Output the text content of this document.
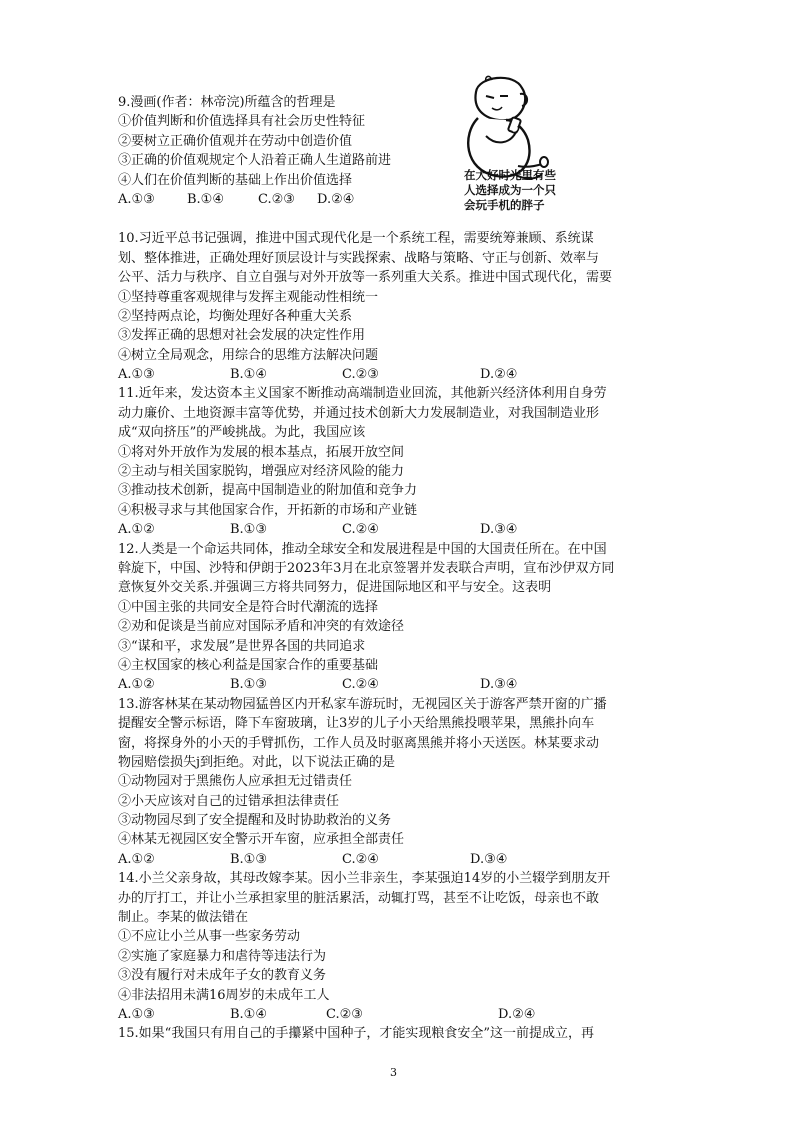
在大好时光里有些
人选择成为一个只
会玩手机的胖子
9.漫画(作者：林帝浣)所蕴含的哲理是
①价值判断和价值选择具有社会历史性特征
②要树立正确价值观并在劳动中创造价值
③正确的价值观规定个人沿着正确人生道路前进
④人们在价值判断的基础上作出价值选择
A.①③ B.①④	C.②③ D.②④
10.习近平总书记强调，推进中国式现代化是一个系统工程，需要统筹兼顾、系统谋
划、整体推进，正确处理好顶层设计与实践探索、战略与策略、守正与创新、效率与
公平、活力与秩序、自立自强与对外开放等一系列重大关系。推进中国式现代化，需要
①坚持尊重客观规律与发挥主观能动性相统一
②坚持两点论，均衡处理好各种重大关系
③发挥正确的思想对社会发展的决定性作用
④树立全局观念，用综合的思维方法解决问题
A.①③	B.①④	C.②③	D.②④
11.近年来，发达资本主义国家不断推动高端制造业回流，其他新兴经济体利用自身劳
动力廉价、土地资源丰富等优势，并通过技术创新大力发展制造业，对我国制造业形
成“双向挤压”的严峻挑战。为此，我国应该
①将对外开放作为发展的根本基点，拓展开放空间
②主动与相关国家脱钩，增强应对经济风险的能力
③推动技术创新，提高中国制造业的附加值和竞争力
④积极寻求与其他国家合作，开拓新的市场和产业链
A.①②	B.①③	C.②④	D.③④
12.人类是一个命运共同体，推动全球安全和发展进程是中国的大国责任所在。在中国
斡旋下，中国、沙特和伊朗于2023年3月在北京签署并发表联合声明，宣布沙伊双方同
意恢复外交关系.并强调三方将共同努力，促进国际地区和平与安全。这表明
①中国主张的共同安全是符合时代潮流的选择
②劝和促谈是当前应对国际矛盾和冲突的有效途径
③“谋和平，求发展”是世界各国的共同追求
④主权国家的核心利益是国家合作的重要基础
A.①②	B.①③	C.②④	D.③④
13.游客林某在某动物园猛兽区内开私家车游玩时，无视园区关于游客严禁开窗的广播
提醒安全警示标语，降下车窗玻璃，让3岁的儿子小天给黑熊投喂苹果，黑熊扑向车
窗，将探身外的小天的手臂抓伤，工作人员及时驱离黑熊并将小天送医。林某要求动
物园赔偿损失j到拒绝。对此，以下说法正确的是
①动物园对于黑熊伤人应承担无过错责任
②小天应该对自己的过错承担法律责任
③动物园尽到了安全提醒和及时协助救治的义务
④林某无视园区安全警示开车窗，应承担全部责任
A.①②	B.①③	C.②④	D.③④
14.小兰父亲身故，其母改嫁李某。因小兰非亲生，李某强迫14岁的小兰辍学到朋友开
办的厅打工，并让小兰承担家里的脏活累活，动辄打骂，甚至不让吃饭，母亲也不敢
制止。李某的做法错在
①不应让小兰从事一些家务劳动
②实施了家庭暴力和虐待等违法行为
③没有履行对未成年子女的教育义务
④非法招用未满16周岁的未成年工人
A.①③	B.①④	C.②③	D.②④
15.如果“我国只有用自己的手攥紧中国种子，才能实现粮食安全”这一前提成立，再
3
